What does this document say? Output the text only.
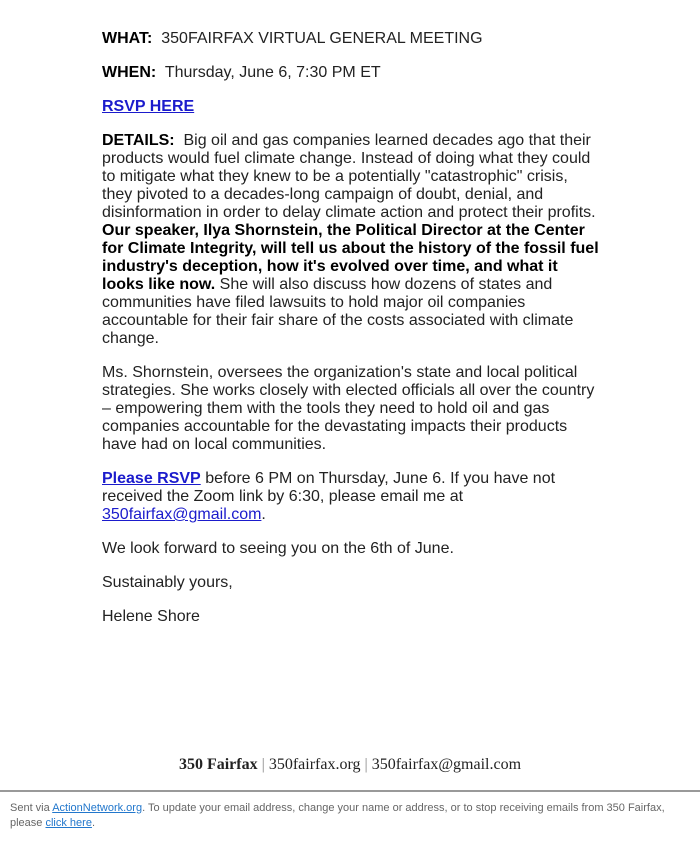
WHAT: 350FAIRFAX VIRTUAL GENERAL MEETING

WHEN: Thursday, June 6, 7:30 PM ET

RSVP HERE

DETAILS: Big oil and gas companies learned decades ago that their products would fuel climate change. Instead of doing what they could to mitigate what they knew to be a potentially "catastrophic" crisis, they pivoted to a decades-long campaign of doubt, denial, and disinformation in order to delay climate action and protect their profits. Our speaker, Ilya Shornstein, the Political Director at the Center for Climate Integrity, will tell us about the history of the fossil fuel industry's deception, how it's evolved over time, and what it looks like now. She will also discuss how dozens of states and communities have filed lawsuits to hold major oil companies accountable for their fair share of the costs associated with climate change.

Ms. Shornstein, oversees the organization's state and local political strategies. She works closely with elected officials all over the country – empowering them with the tools they need to hold oil and gas companies accountable for the devastating impacts their products have had on local communities.

Please RSVP before 6 PM on Thursday, June 6. If you have not received the Zoom link by 6:30, please email me at 350fairfax@gmail.com.

We look forward to seeing you on the 6th of June.

Sustainably yours,

Helene Shore

350 Fairfax | 350fairfax.org | 350fairfax@gmail.com
Sent via ActionNetwork.org. To update your email address, change your name or address, or to stop receiving emails from 350 Fairfax, please click here.
